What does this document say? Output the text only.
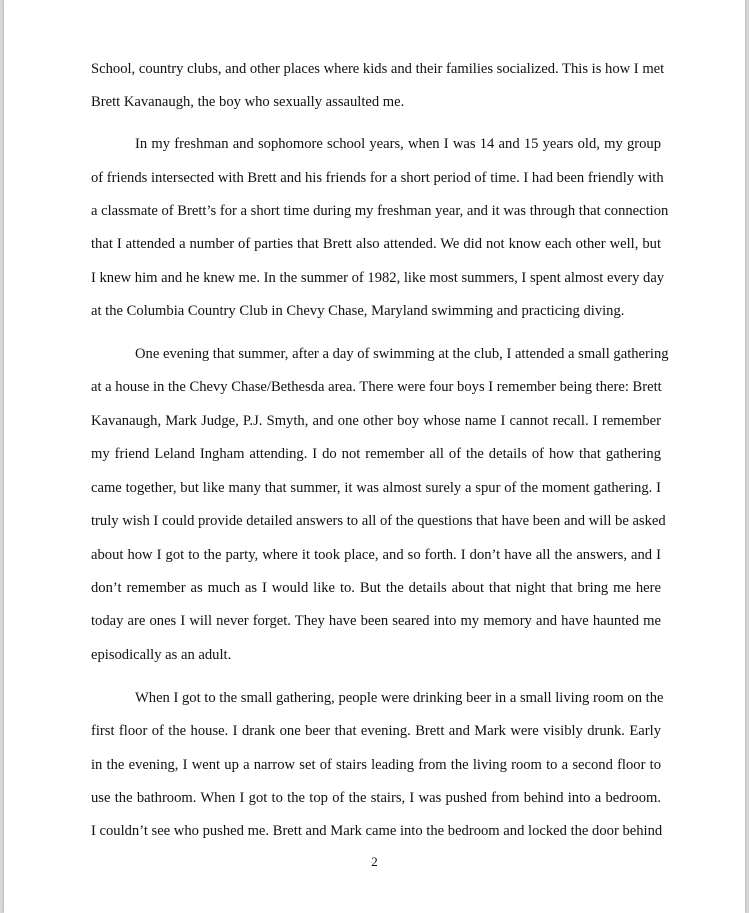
School, country clubs, and other places where kids and their families socialized. This is how I met

Brett Kavanaugh, the boy who sexually assaulted me.

In my freshman and sophomore school years, when I was 14 and 15 years old, my group

of friends intersected with Brett and his friends for a short period of time. I had been friendly with

a classmate of Brett’s for a short time during my freshman year, and it was through that connection

that I attended a number of parties that Brett also attended. We did not know each other well, but

I knew him and he knew me. In the summer of 1982, like most summers, I spent almost every day

at the Columbia Country Club in Chevy Chase, Maryland swimming and practicing diving.

One evening that summer, after a day of swimming at the club, I attended a small gathering

at a house in the Chevy Chase/Bethesda area. There were four boys I remember being there: Brett

Kavanaugh, Mark Judge, P.J. Smyth, and one other boy whose name I cannot recall. I remember

my friend Leland Ingham attending. I do not remember all of the details of how that gathering

came together, but like many that summer, it was almost surely a spur of the moment gathering. I

truly wish I could provide detailed answers to all of the questions that have been and will be asked

about how I got to the party, where it took place, and so forth. I don’t have all the answers, and I

don’t remember as much as I would like to. But the details about that night that bring me here

today are ones I will never forget. They have been seared into my memory and have haunted me

episodically as an adult.

When I got to the small gathering, people were drinking beer in a small living room on the

first floor of the house. I drank one beer that evening. Brett and Mark were visibly drunk. Early

in the evening, I went up a narrow set of stairs leading from the living room to a second floor to

use the bathroom. When I got to the top of the stairs, I was pushed from behind into a bedroom.

I couldn’t see who pushed me. Brett and Mark came into the bedroom and locked the door behind

2
